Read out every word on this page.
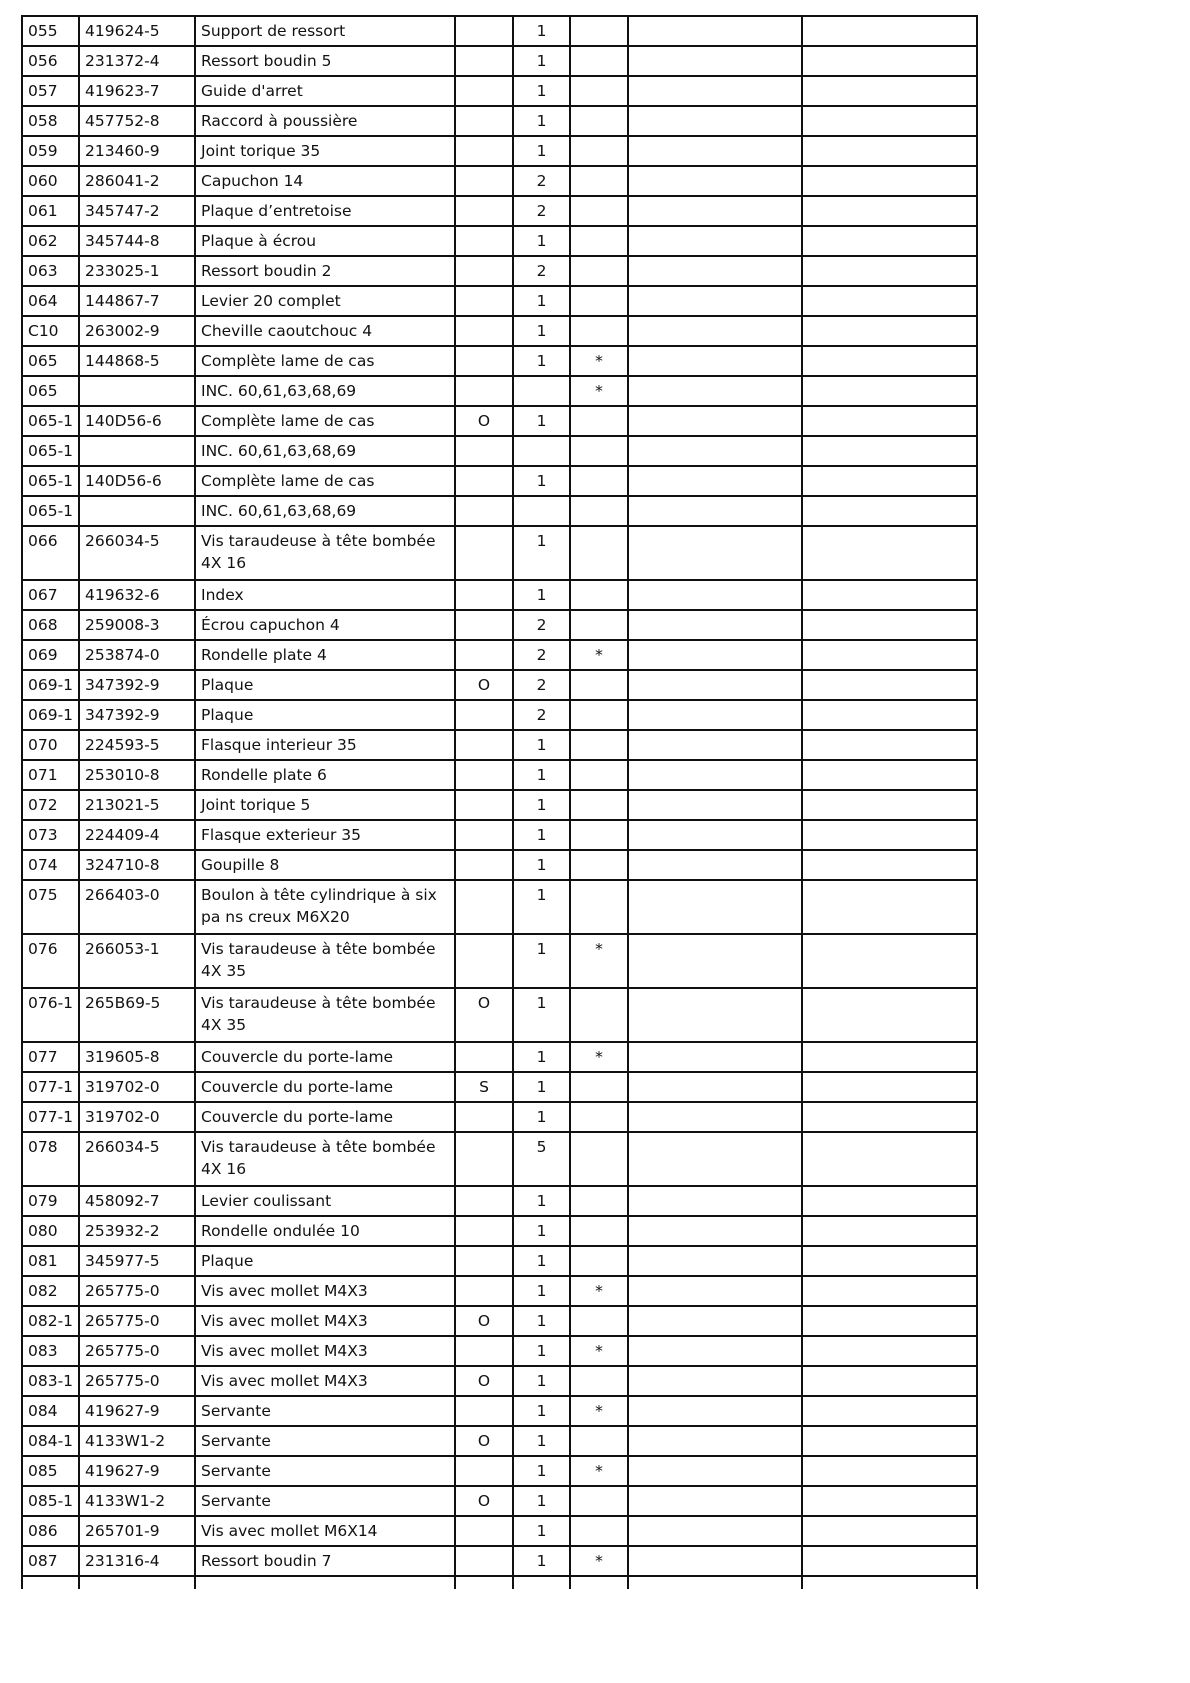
055	419624-5	Support de ressort		1			
056	231372-4	Ressort boudin 5		1			
057	419623-7	Guide d'arret		1			
058	457752-8	Raccord à poussière		1			
059	213460-9	Joint torique 35		1			
060	286041-2	Capuchon 14		2			
061	345747-2	Plaque d’entretoise		2			
062	345744-8	Plaque à écrou		1			
063	233025-1	Ressort boudin 2		2			
064	144867-7	Levier 20 complet		1			
C10	263002-9	Cheville caoutchouc 4		1			
065	144868-5	Complète lame de cas		1	*		
065		INC. 60,61,63,68,69			*		
065-1	140D56-6	Complète lame de cas	O	1			
065-1		INC. 60,61,63,68,69					
065-1	140D56-6	Complète lame de cas		1			
065-1		INC. 60,61,63,68,69					
066	266034-5	Vis taraudeuse à tête bombée 4X 16		1			
067	419632-6	Index		1			
068	259008-3	Écrou capuchon 4		2			
069	253874-0	Rondelle plate 4		2	*		
069-1	347392-9	Plaque	O	2			
069-1	347392-9	Plaque		2			
070	224593-5	Flasque interieur 35		1			
071	253010-8	Rondelle plate 6		1			
072	213021-5	Joint torique 5		1			
073	224409-4	Flasque exterieur 35		1			
074	324710-8	Goupille 8		1			
075	266403-0	Boulon à tête cylindrique à six pa ns creux M6X20		1			
076	266053-1	Vis taraudeuse à tête bombée 4X 35		1	*		
076-1	265B69-5	Vis taraudeuse à tête bombée 4X 35	O	1			
077	319605-8	Couvercle du porte-lame		1	*		
077-1	319702-0	Couvercle du porte-lame	S	1			
077-1	319702-0	Couvercle du porte-lame		1			
078	266034-5	Vis taraudeuse à tête bombée 4X 16		5			
079	458092-7	Levier coulissant		1			
080	253932-2	Rondelle ondulée 10		1			
081	345977-5	Plaque		1			
082	265775-0	Vis avec mollet M4X3		1	*		
082-1	265775-0	Vis avec mollet M4X3	O	1			
083	265775-0	Vis avec mollet M4X3		1	*		
083-1	265775-0	Vis avec mollet M4X3	O	1			
084	419627-9	Servante		1	*		
084-1	4133W1-2	Servante	O	1			
085	419627-9	Servante		1	*		
085-1	4133W1-2	Servante	O	1			
086	265701-9	Vis avec mollet M6X14		1			
087	231316-4	Ressort boudin 7		1	*		
